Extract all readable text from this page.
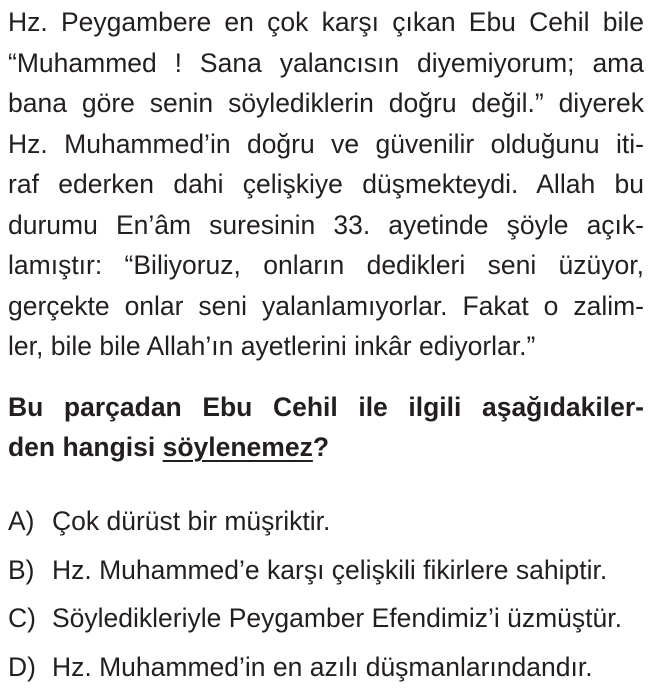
Hz. Peygambere en çok karşı çıkan Ebu Cehil bile
“Muhammed ! Sana yalancısın diyemiyorum; ama
bana göre senin söylediklerin doğru değil.” diyerek
Hz. Muhammed’in doğru ve güvenilir olduğunu iti-
raf ederken dahi çelişkiye düşmekteydi. Allah bu
durumu En’âm suresinin 33. ayetinde şöyle açık-
lamıştır: “Biliyoruz, onların dedikleri seni üzüyor,
gerçekte onlar seni yalanlamıyorlar. Fakat o zalim-
ler, bile bile Allah’ın ayetlerini inkâr ediyorlar.”
Bu parçadan Ebu Cehil ile ilgili aşağıdakiler-
den hangisi söylenemez?
A) Çok dürüst bir müşriktir.
B) Hz. Muhammed’e karşı çelişkili fikirlere sahiptir.
C) Söyledikleriyle Peygamber Efendimiz’i üzmüştür.
D) Hz. Muhammed’in en azılı düşmanlarındandır.
